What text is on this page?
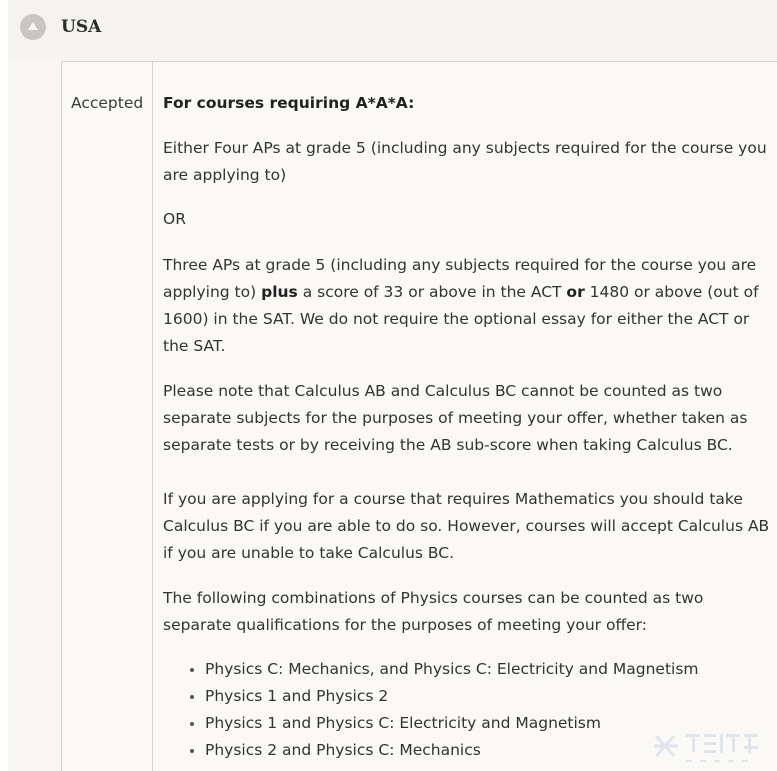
USA
Accepted For courses requiring A*A*A:

Either Four APs at grade 5 (including any subjects required for the course you are applying to)

OR

Three APs at grade 5 (including any subjects required for the course you are applying to) plus a score of 33 or above in the ACT or 1480 or above (out of 1600) in the SAT. We do not require the optional essay for either the ACT or the SAT.

Please note that Calculus AB and Calculus BC cannot be counted as two separate subjects for the purposes of meeting your offer, whether taken as separate tests or by receiving the AB sub-score when taking Calculus BC.

If you are applying for a course that requires Mathematics you should take Calculus BC if you are able to do so. However, courses will accept Calculus AB if you are unable to take Calculus BC.

The following combinations of Physics courses can be counted as two separate qualifications for the purposes of meeting your offer:

Physics C: Mechanics, and Physics C: Electricity and Magnetism
Physics 1 and Physics 2
Physics 1 and Physics C: Electricity and Magnetism
Physics 2 and Physics C: Mechanics
